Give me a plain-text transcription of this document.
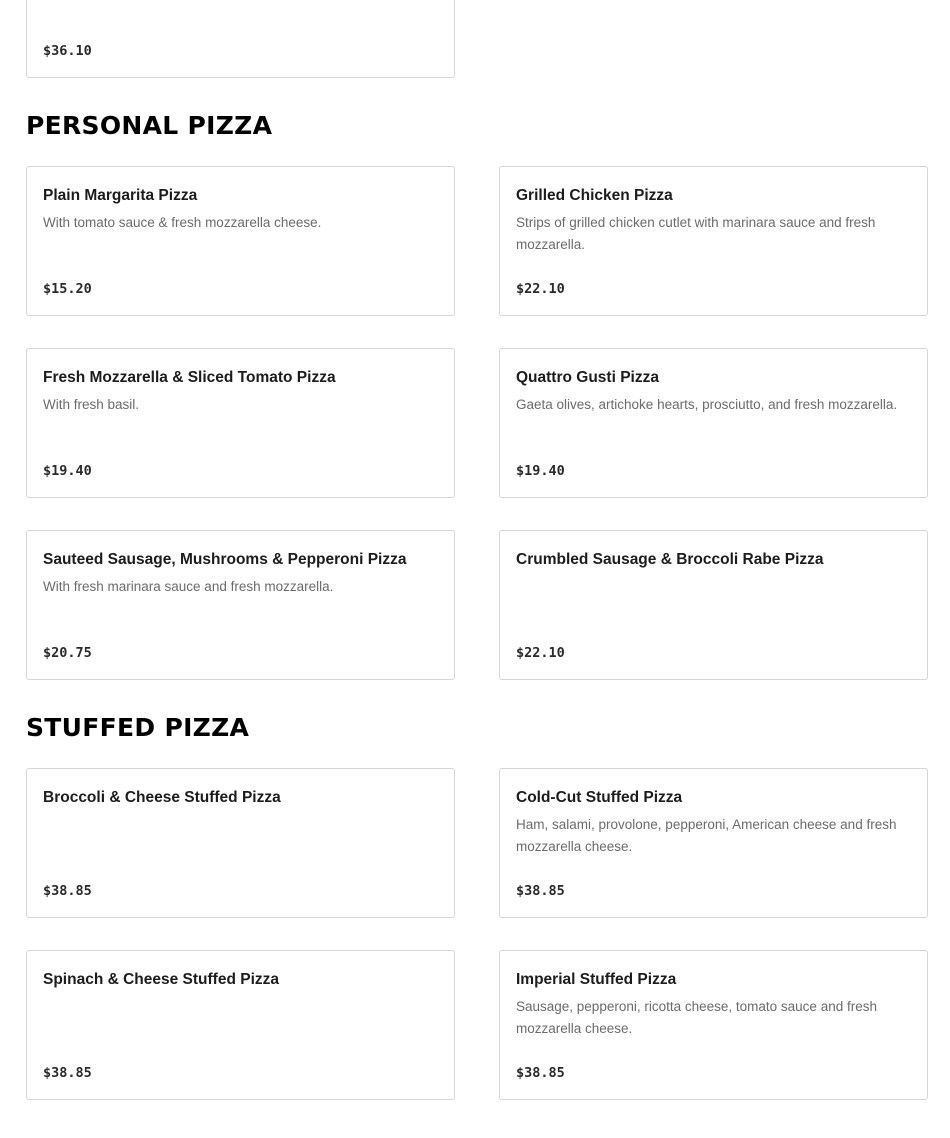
$36.10
PERSONAL PIZZA
Plain Margarita Pizza
With tomato sauce & fresh mozzarella cheese.
$15.20
Grilled Chicken Pizza
Strips of grilled chicken cutlet with marinara sauce and fresh mozzarella.
$22.10
Fresh Mozzarella & Sliced Tomato Pizza
With fresh basil.
$19.40
Quattro Gusti Pizza
Gaeta olives, artichoke hearts, prosciutto, and fresh mozzarella.
$19.40
Sauteed Sausage, Mushrooms & Pepperoni Pizza
With fresh marinara sauce and fresh mozzarella.
$20.75
Crumbled Sausage & Broccoli Rabe Pizza
$22.10
STUFFED PIZZA
Broccoli & Cheese Stuffed Pizza
$38.85
Cold-Cut Stuffed Pizza
Ham, salami, provolone, pepperoni, American cheese and fresh mozzarella cheese.
$38.85
Spinach & Cheese Stuffed Pizza
$38.85
Imperial Stuffed Pizza
Sausage, pepperoni, ricotta cheese, tomato sauce and fresh mozzarella cheese.
$38.85
